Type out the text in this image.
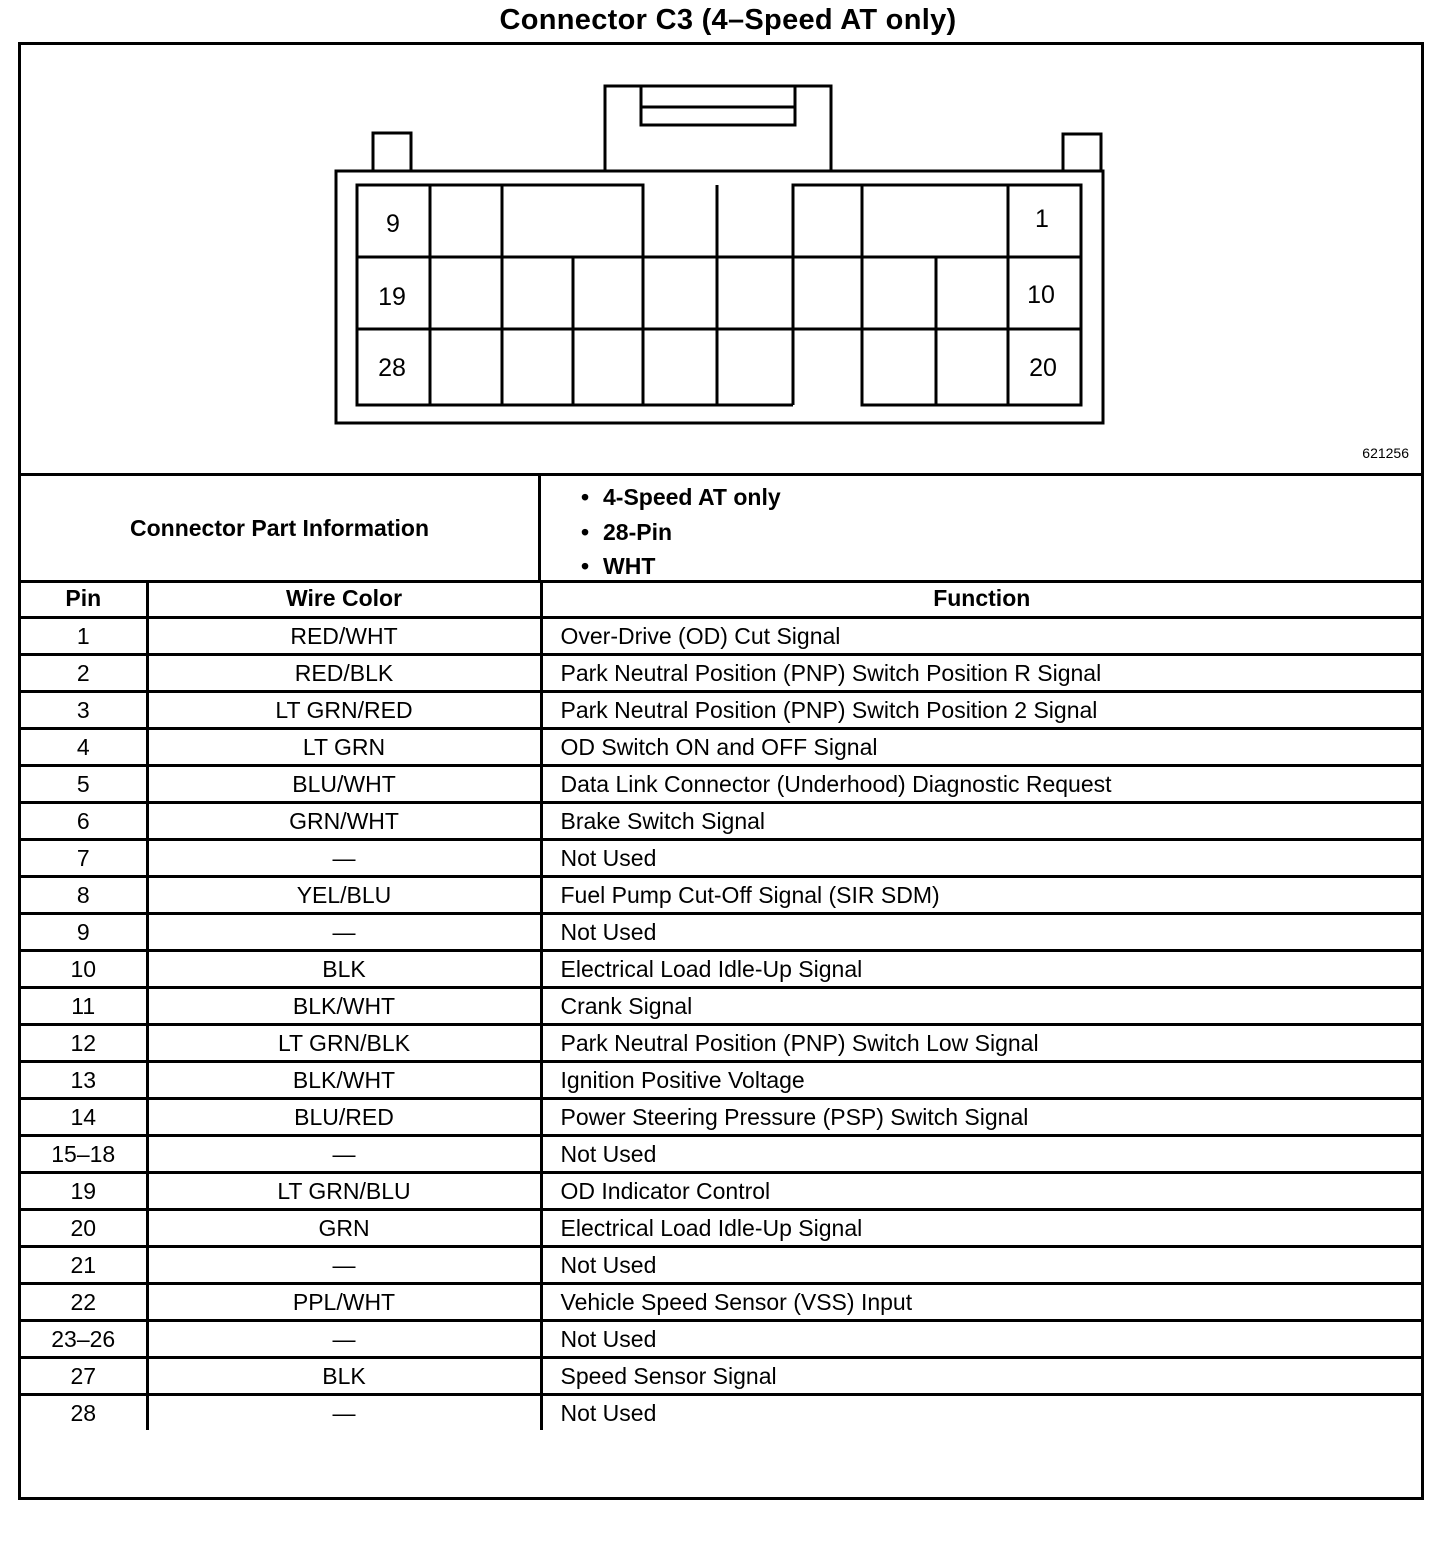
Connector C3 (4–Speed AT only)
9	1
19	10
28	20
621256
Connector Part Information
• 4-Speed AT only
• 28-Pin
• WHT
Pin	Wire Color	Function
1	RED/WHT	Over-Drive (OD) Cut Signal
2	RED/BLK	Park Neutral Position (PNP) Switch Position R Signal
3	LT GRN/RED	Park Neutral Position (PNP) Switch Position 2 Signal
4	LT GRN	OD Switch ON and OFF Signal
5	BLU/WHT	Data Link Connector (Underhood) Diagnostic Request
6	GRN/WHT	Brake Switch Signal
7	—	Not Used
8	YEL/BLU	Fuel Pump Cut-Off Signal (SIR SDM)
9	—	Not Used
10	BLK	Electrical Load Idle-Up Signal
11	BLK/WHT	Crank Signal
12	LT GRN/BLK	Park Neutral Position (PNP) Switch Low Signal
13	BLK/WHT	Ignition Positive Voltage
14	BLU/RED	Power Steering Pressure (PSP) Switch Signal
15–18	—	Not Used
19	LT GRN/BLU	OD Indicator Control
20	GRN	Electrical Load Idle-Up Signal
21	—	Not Used
22	PPL/WHT	Vehicle Speed Sensor (VSS) Input
23–26	—	Not Used
27	BLK	Speed Sensor Signal
28	—	Not Used
